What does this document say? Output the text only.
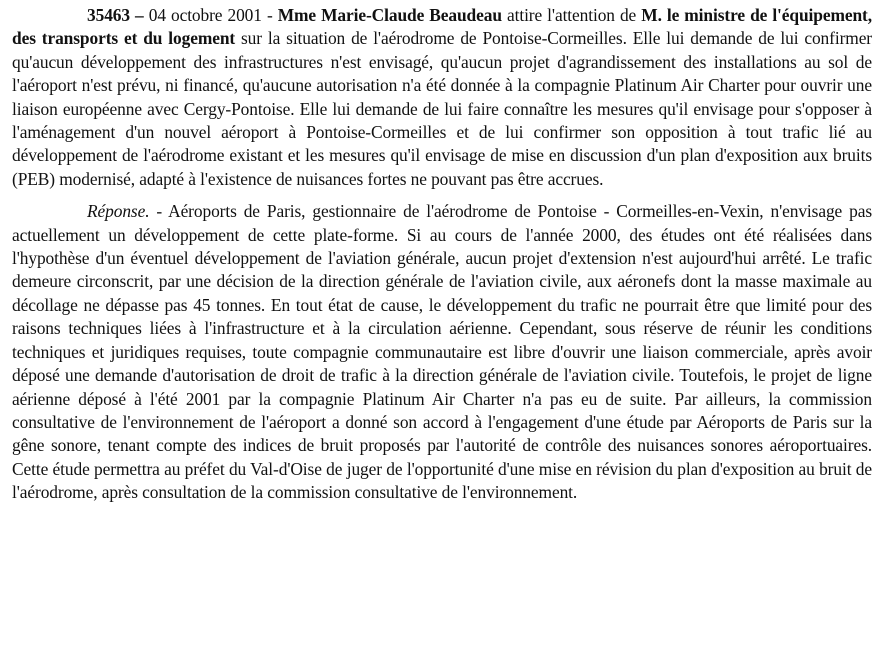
35463 – 04 octobre 2001 - Mme Marie-Claude Beaudeau attire l'attention de M. le ministre de l'équipement, des transports et du logement sur la situation de l'aérodrome de Pontoise-Cormeilles. Elle lui demande de lui confirmer qu'aucun développement des infrastructures n'est envisagé, qu'aucun projet d'agrandissement des installations au sol de l'aéroport n'est prévu, ni financé, qu'aucune autorisation n'a été donnée à la compagnie Platinum Air Charter pour ouvrir une liaison européenne avec Cergy-Pontoise. Elle lui demande de lui faire connaître les mesures qu'il envisage pour s'opposer à l'aménagement d'un nouvel aéroport à Pontoise-Cormeilles et de lui confirmer son opposition à tout trafic lié au développement de l'aérodrome existant et les mesures qu'il envisage de mise en discussion d'un plan d'exposition aux bruits (PEB) modernisé, adapté à l'existence de nuisances fortes ne pouvant pas être accrues.

Réponse. - Aéroports de Paris, gestionnaire de l'aérodrome de Pontoise - Cormeilles-en-Vexin, n'envisage pas actuellement un développement de cette plate-forme. Si au cours de l'année 2000, des études ont été réalisées dans l'hypothèse d'un éventuel développement de l'aviation générale, aucun projet d'extension n'est aujourd'hui arrêté. Le trafic demeure circonscrit, par une décision de la direction générale de l'aviation civile, aux aéronefs dont la masse maximale au décollage ne dépasse pas 45 tonnes. En tout état de cause, le développement du trafic ne pourrait être que limité pour des raisons techniques liées à l'infrastructure et à la circulation aérienne. Cependant, sous réserve de réunir les conditions techniques et juridiques requises, toute compagnie communautaire est libre d'ouvrir une liaison commerciale, après avoir déposé une demande d'autorisation de droit de trafic à la direction générale de l'aviation civile. Toutefois, le projet de ligne aérienne déposé à l'été 2001 par la compagnie Platinum Air Charter n'a pas eu de suite. Par ailleurs, la commission consultative de l'environnement de l'aéroport a donné son accord à l'engagement d'une étude par Aéroports de Paris sur la gêne sonore, tenant compte des indices de bruit proposés par l'autorité de contrôle des nuisances sonores aéroportuaires. Cette étude permettra au préfet du Val-d'Oise de juger de l'opportunité d'une mise en révision du plan d'exposition au bruit de l'aérodrome, après consultation de la commission consultative de l'environnement.
